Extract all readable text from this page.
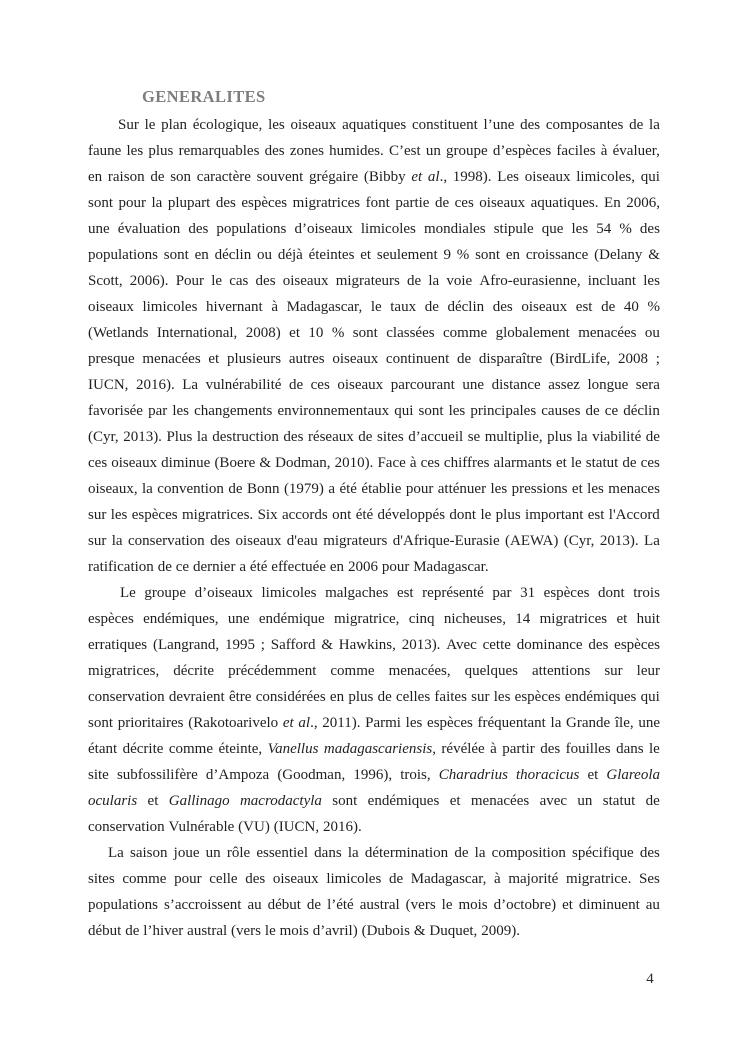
GENERALITES
Sur le plan écologique, les oiseaux aquatiques constituent l’une des composantes de la
faune les plus remarquables des zones humides. C’est un groupe d’espèces faciles à évaluer,
en raison de son caractère souvent grégaire (Bibby et al., 1998). Les oiseaux limicoles, qui
sont pour la plupart des espèces migratrices font partie de ces oiseaux aquatiques. En 2006,
une évaluation des populations d’oiseaux limicoles mondiales stipule que les 54 % des
populations sont en déclin ou déjà éteintes et seulement 9 % sont en croissance (Delany &
Scott, 2006). Pour le cas des oiseaux migrateurs de la voie Afro-eurasienne, incluant les
oiseaux limicoles hivernant à Madagascar, le taux de déclin des oiseaux est de 40 %
(Wetlands International, 2008) et 10 % sont classées comme globalement menacées ou
presque menacées et plusieurs autres oiseaux continuent de disparaître (BirdLife, 2008 ;
IUCN, 2016). La vulnérabilité de ces oiseaux parcourant une distance assez longue sera
favorisée par les changements environnementaux qui sont les principales causes de ce déclin
(Cyr, 2013). Plus la destruction des réseaux de sites d’accueil se multiplie, plus la viabilité de
ces oiseaux diminue (Boere & Dodman, 2010). Face à ces chiffres alarmants et le statut de ces
oiseaux, la convention de Bonn (1979) a été établie pour atténuer les pressions et les menaces
sur les espèces migratrices. Six accords ont été développés dont le plus important est l'Accord
sur la conservation des oiseaux d'eau migrateurs d'Afrique-Eurasie (AEWA) (Cyr, 2013). La
ratification de ce dernier a été effectuée en 2006 pour Madagascar.
Le groupe d’oiseaux limicoles malgaches est représenté par 31 espèces dont trois
espèces endémiques, une endémique migratrice, cinq nicheuses, 14 migratrices et huit
erratiques (Langrand, 1995 ; Safford & Hawkins, 2013). Avec cette dominance des espèces
migratrices, décrite précédemment comme menacées, quelques attentions sur leur
conservation devraient être considérées en plus de celles faites sur les espèces endémiques qui
sont prioritaires (Rakotoarivelo et al., 2011). Parmi les espèces fréquentant la Grande île, une
étant décrite comme éteinte, Vanellus madagascariensis, révélée à partir des fouilles dans le
site subfossilifère d’Ampoza (Goodman, 1996), trois, Charadrius thoracicus et Glareola
ocularis et Gallinago macrodactyla sont endémiques et menacées avec un statut de
conservation Vulnérable (VU) (IUCN, 2016).
La saison joue un rôle essentiel dans la détermination de la composition spécifique des
sites comme pour celle des oiseaux limicoles de Madagascar, à majorité migratrice. Ses
populations s’accroissent au début de l’été austral (vers le mois d’octobre) et diminuent au
début de l’hiver austral (vers le mois d’avril) (Dubois & Duquet, 2009).
4
